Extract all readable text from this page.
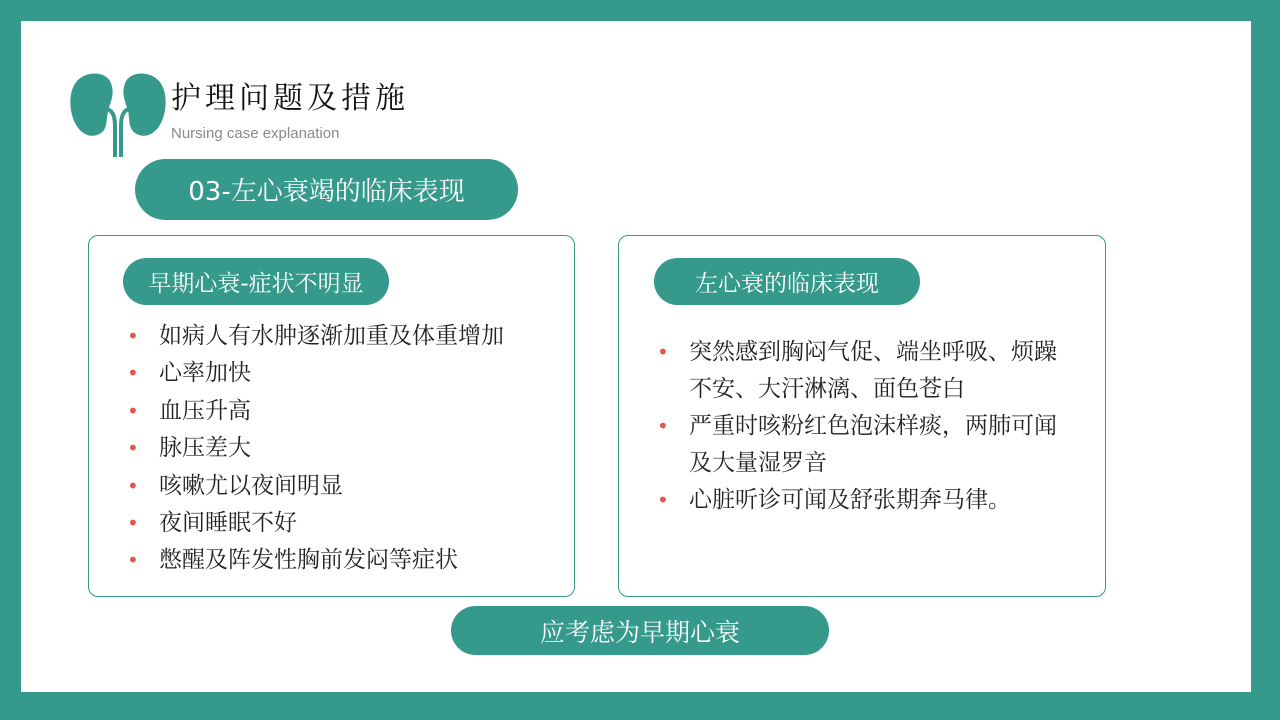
护理问题及措施
Nursing case explanation
03-左心衰竭的临床表现
早期心衰-症状不明显
• 如病人有水肿逐渐加重及体重增加
• 心率加快
• 血压升高
• 脉压差大
• 咳嗽尤以夜间明显
• 夜间睡眠不好
• 憋醒及阵发性胸前发闷等症状
左心衰的临床表现
• 突然感到胸闷气促、端坐呼吸、烦躁不安、大汗淋漓、面色苍白
• 严重时咳粉红色泡沫样痰，两肺可闻及大量湿罗音
• 心脏听诊可闻及舒张期奔马律。
应考虑为早期心衰
